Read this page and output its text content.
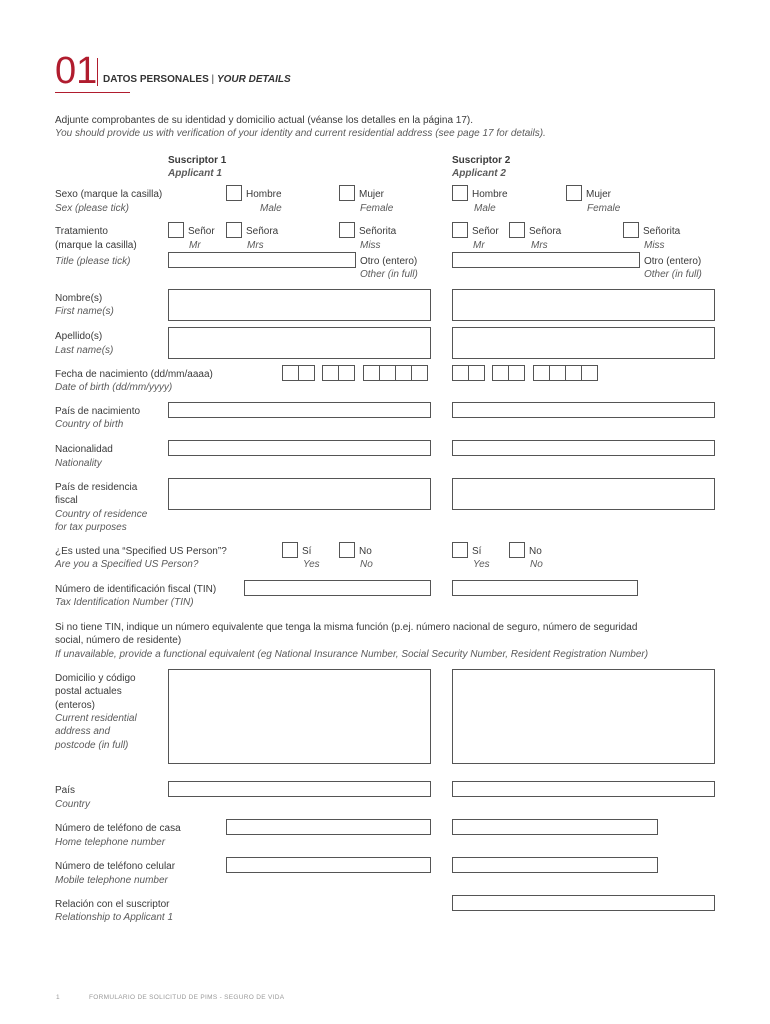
01 DATOS PERSONALES | YOUR DETAILS
Adjunte comprobantes de su identidad y domicilio actual (véanse los detalles en la página 17).
You should provide us with verification of your identity and current residential address (see page 17 for details).
Suscriptor 1
Applicant 1
Suscriptor 2
Applicant 2
Sexo (marque la casilla)
Sex (please tick)
Hombre
Male
Mujer
Female
Hombre
Male
Mujer
Female
Tratamiento
(marque la casilla)
Title (please tick)
Señor
Mr
Señora
Mrs
Señorita
Miss
Otro (entero)
Other (in full)
Señor
Mr
Señora
Mrs
Señorita
Miss
Otro (entero)
Other (in full)
Nombre(s)
First name(s)
Apellido(s)
Last name(s)
Fecha de nacimiento (dd/mm/aaaa)
Date of birth (dd/mm/yyyy)
País de nacimiento
Country of birth
Nacionalidad
Nationality
País de residencia
fiscal
Country of residence
for tax purposes
¿Es usted una “Specified US Person”?
Are you a Specified US Person?
Sí
Yes
No
No
Sí
Yes
No
No
Número de identificación fiscal (TIN)
Tax Identification Number (TIN)
Si no tiene TIN, indique un número equivalente que tenga la misma función (p.ej. número nacional de seguro, número de seguridad
social, número de residente)
If unavailable, provide a functional equivalent (eg National Insurance Number, Social Security Number, Resident Registration Number)
Domicilio y código
postal actuales
(enteros)
Current residential
address and
postcode (in full)
País
Country
Número de teléfono de casa
Home telephone number
Número de teléfono celular
Mobile telephone number
Relación con el suscriptor
Relationship to Applicant 1
1	FORMULARIO DE SOLICITUD DE PIMS - SEGURO DE VIDA
